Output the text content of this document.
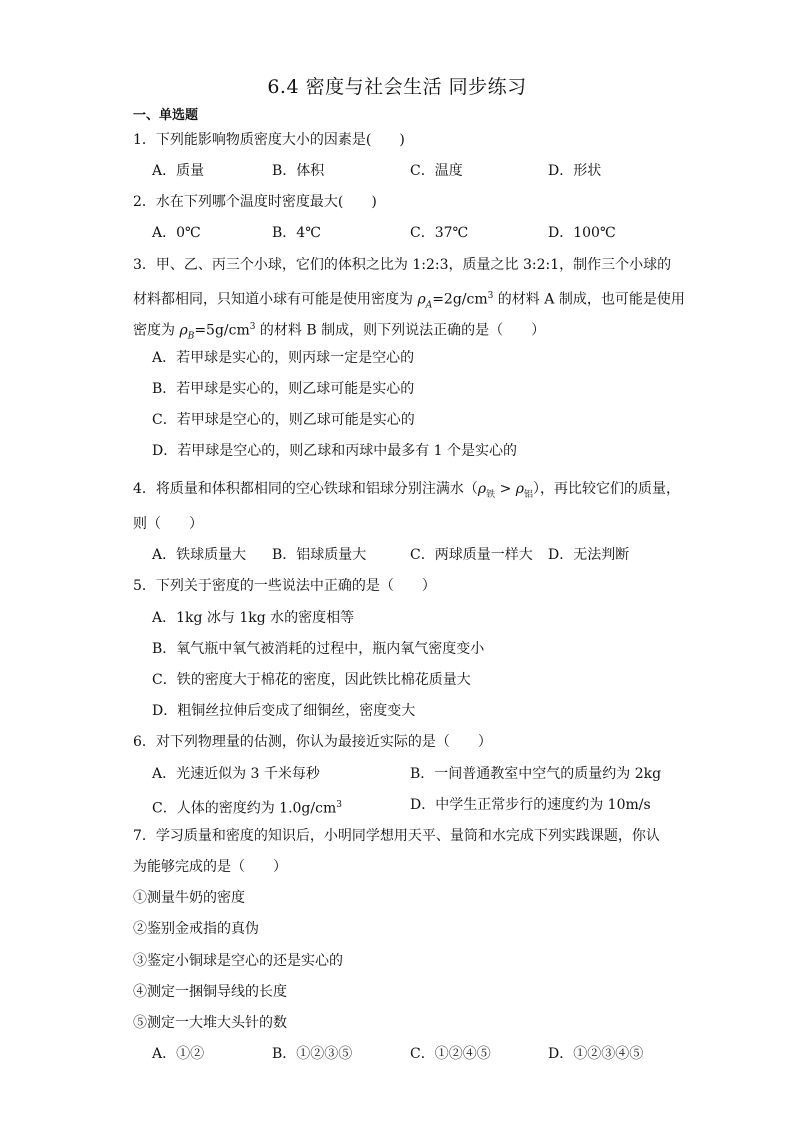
6.4 密度与社会生活 同步练习
一、单选题
1．下列能影响物质密度大小的因素是(　　)
A．质量	B．体积	C．温度	D．形状
2．水在下列哪个温度时密度最大(　　)
A．0℃	B．4℃	C．37℃	D．100℃
3．甲、乙、丙三个小球，它们的体积之比为 1:2:3，质量之比 3:2:1，制作三个小球的
材料都相同，只知道小球有可能是使用密度为 $\rho_A=2g/cm^3$ 的材料 A 制成，也可能是使用
密度为 $\rho_B=5g/cm^3$ 的材料 B 制成，则下列说法正确的是（　　）
A．若甲球是实心的，则丙球一定是空心的
B．若甲球是实心的，则乙球可能是实心的
C．若甲球是空心的，则乙球可能是实心的
D．若甲球是空心的，则乙球和丙球中最多有 1 个是实心的
4．将质量和体积都相同的空心铁球和铝球分别注满水$(\rho_铁 > \rho_铝)$，再比较它们的质量，
则（　　）
A．铁球质量大 B．铝球质量大	C．两球质量一样大 D．无法判断
5．下列关于密度的一些说法中正确的是（　　）
A．1kg 冰与 1kg 水的密度相等
B．氧气瓶中氧气被消耗的过程中，瓶内氧气密度变小
C．铁的密度大于棉花的密度，因此铁比棉花质量大
D．粗铜丝拉伸后变成了细铜丝，密度变大
6．对下列物理量的估测，你认为最接近实际的是（　　）
A．光速近似为 3 千米每秒	B．一间普通教室中空气的质量约为 2kg
C．人体的密度约为 $1.0g/cm^3$	D．中学生正常步行的速度约为 10m/s
7．学习质量和密度的知识后，小明同学想用天平、量筒和水完成下列实践课题，你认
为能够完成的是（　　）
①测量牛奶的密度
②鉴别金戒指的真伪
③鉴定小铜球是空心的还是实心的
④测定一捆铜导线的长度
⑤测定一大堆大头针的数
A．①②	B．①②③⑤	C．①②④⑤	D．①②③④⑤
